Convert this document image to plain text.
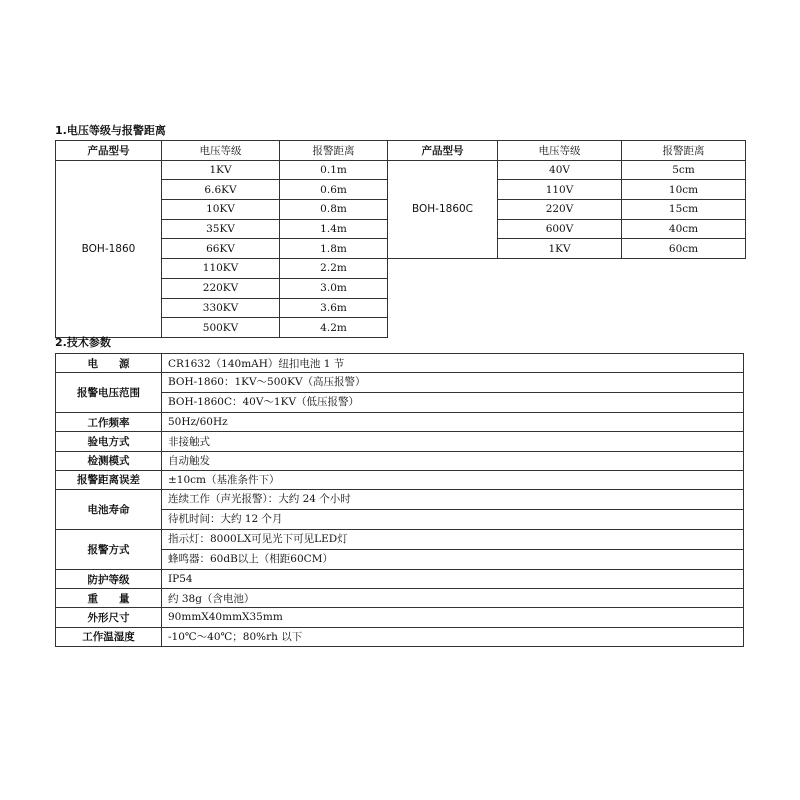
1.电压等级与报警距离
产品型号	电压等级	报警距离	产品型号	电压等级	报警距离
BOH-1860	1KV	0.1m	BOH-1860C	40V	5cm
	6.6KV	0.6m		110V	10cm
	10KV	0.8m		220V	15cm
	35KV	1.4m		600V	40cm
	66KV	1.8m		1KV	60cm
	110KV	2.2m			
	220KV	3.0m			
	330KV	3.6m			
	500KV	4.2m			
2.技术参数
电　　源	CR1632（140mAH）纽扣电池 1 节
报警电压范围	BOH-1860：1KV～500KV（高压报警）
BOH-1860C：40V～1KV（低压报警）

工作频率	50Hz/60Hz
验电方式	非接触式
检测模式	自动触发
报警距离误差	±10cm（基准条件下）
电池寿命	连续工作（声光报警）：大约 24 个小时
待机时间：大约 12 个月

报警方式	指示灯：8000LX可见光下可见LED灯
蜂鸣器：60dB以上（相距60CM）

防护等级	IP54
重　　量	约 38g（含电池）
外形尺寸	90mmX40mmX35mm
工作温湿度	-10℃～40℃；80%rh 以下
